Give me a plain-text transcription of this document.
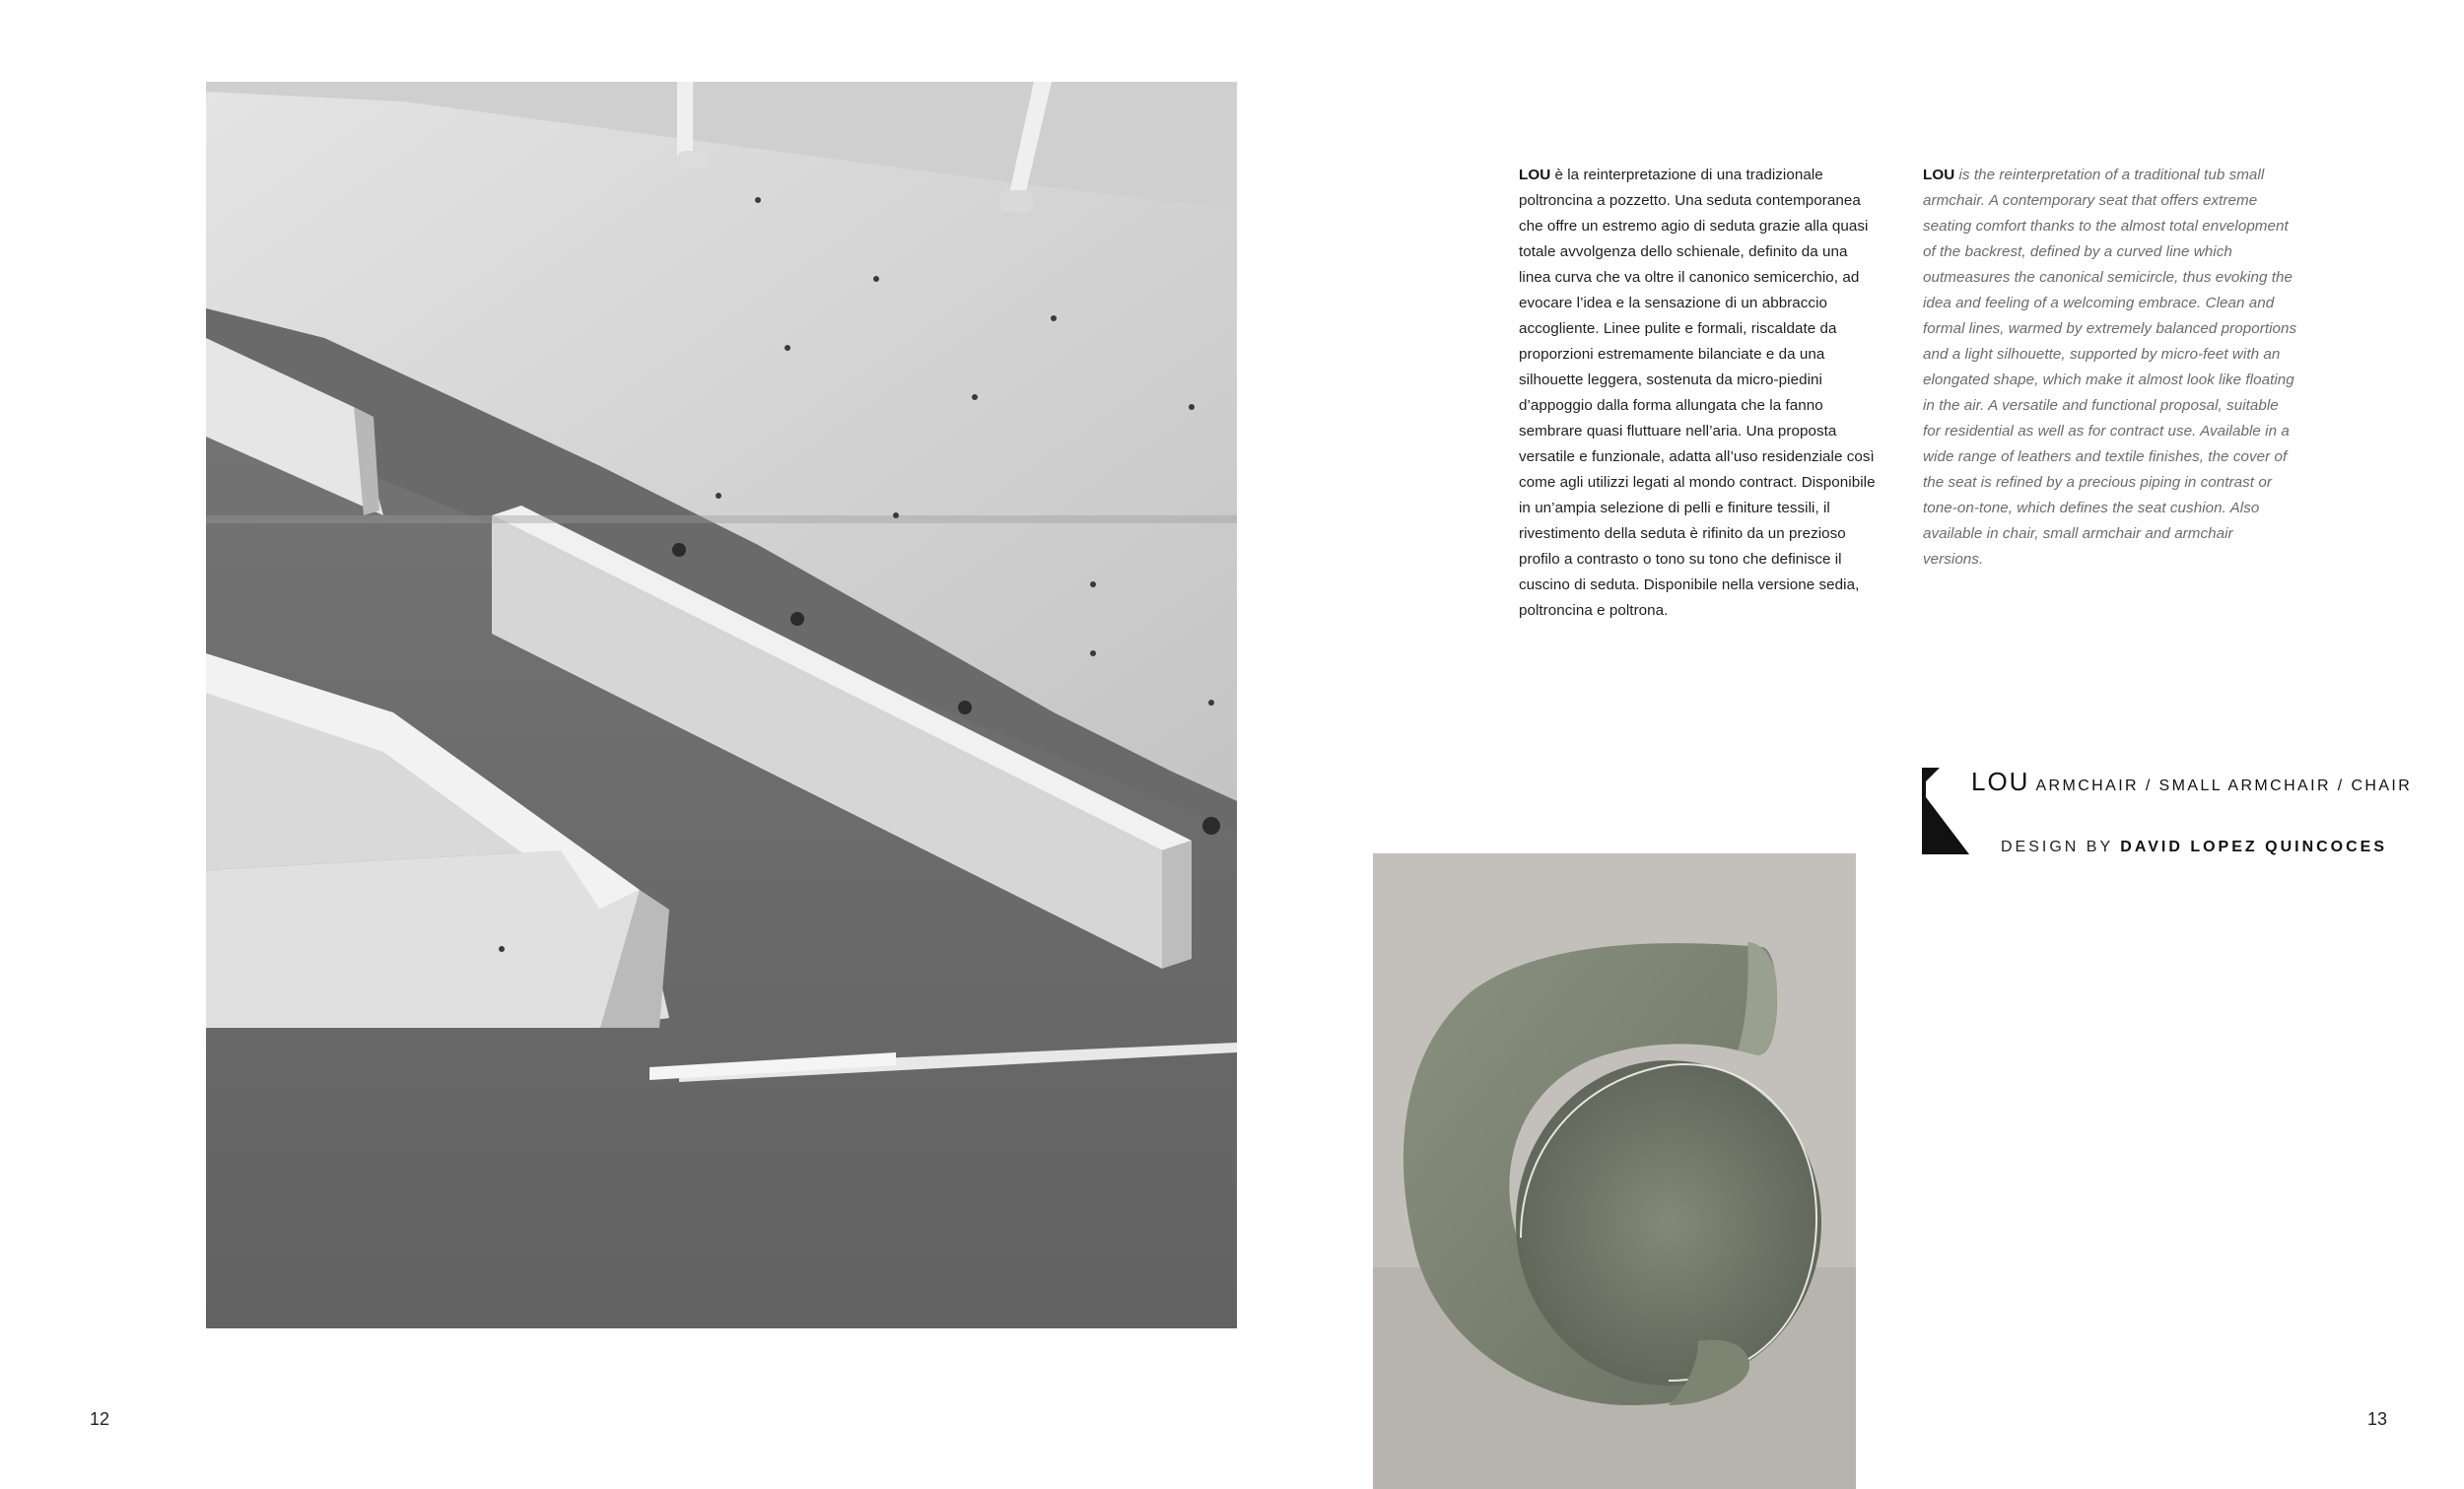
LOU è la reinterpretazione di una tradizionale poltroncina a pozzetto. Una seduta contemporanea che offre un estremo agio di seduta grazie alla quasi totale avvolgenza dello schienale, definito da una linea curva che va oltre il canonico semicerchio, ad evocare l’idea e la sensazione di un abbraccio accogliente. Linee pulite e formali, riscaldate da proporzioni estremamente bilanciate e da una silhouette leggera, sostenuta da micro-piedini d’appoggio dalla forma allungata che la fanno sembrare quasi fluttuare nell’aria. Una proposta versatile e funzionale, adatta all’uso residenziale così come agli utilizzi legati al mondo contract. Disponibile in un’ampia selezione di pelli e finiture tessili, il rivestimento della seduta è rifinito da un prezioso profilo a contrasto o tono su tono che definisce il cuscino di seduta. Disponibile nella versione sedia, poltroncina e poltrona.

LOU is the reinterpretation of a traditional tub small armchair. A contemporary seat that offers extreme seating comfort thanks to the almost total envelopment of the backrest, defined by a curved line which outmeasures the canonical semicircle, thus evoking the idea and feeling of a welcoming embrace. Clean and formal lines, warmed by extremely balanced proportions and a light silhouette, supported by micro-feet with an elongated shape, which make it almost look like floating in the air. A versatile and functional proposal, suitable for residential as well as for contract use. Available in a wide range of leathers and textile finishes, the cover of the seat is refined by a precious piping in contrast or tone-on-tone, which defines the seat cushion. Also available in chair, small armchair and armchair versions.

LOU ARMCHAIR / SMALL ARMCHAIR / CHAIR
DESIGN BY DAVID LOPEZ QUINCOCES
12	13
